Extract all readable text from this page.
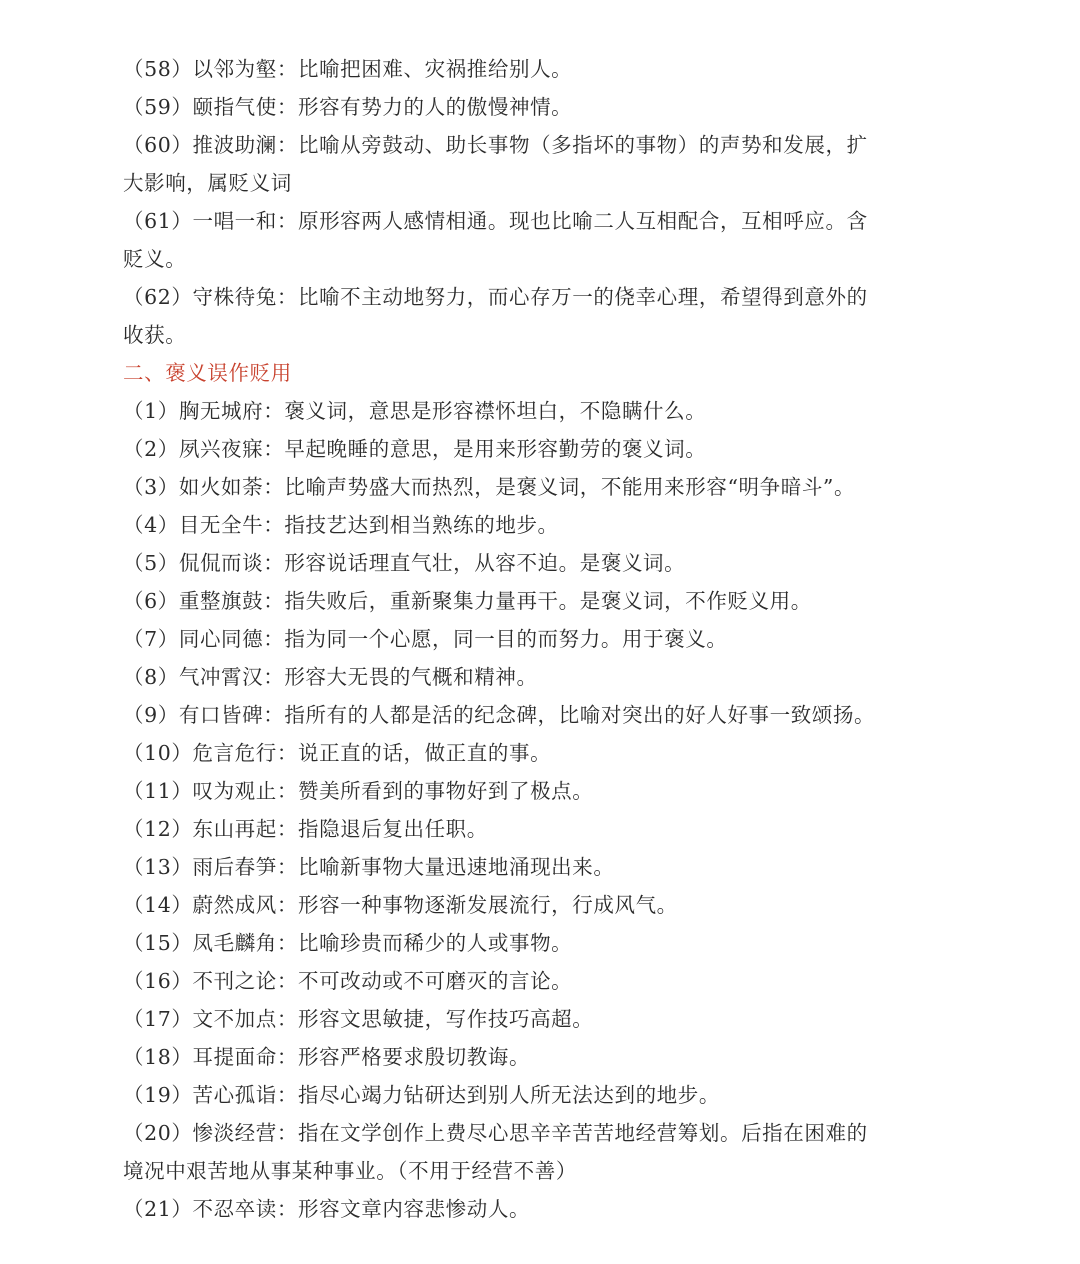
（58）以邻为壑：比喻把困难、灾祸推给别人。
（59）颐指气使：形容有势力的人的傲慢神情。
（60）推波助澜：比喻从旁鼓动、助长事物（多指坏的事物）的声势和发展，扩
大影响，属贬义词
（61）一唱一和：原形容两人感情相通。现也比喻二人互相配合，互相呼应。含
贬义。
（62）守株待兔：比喻不主动地努力，而心存万一的侥幸心理，希望得到意外的
收获。
二、褒义误作贬用
（1）胸无城府：褒义词，意思是形容襟怀坦白，不隐瞒什么。
（2）夙兴夜寐：早起晚睡的意思，是用来形容勤劳的褒义词。
（3）如火如荼：比喻声势盛大而热烈，是褒义词，不能用来形容“明争暗斗”。
（4）目无全牛：指技艺达到相当熟练的地步。
（5）侃侃而谈：形容说话理直气壮，从容不迫。是褒义词。
（6）重整旗鼓：指失败后，重新聚集力量再干。是褒义词，不作贬义用。
（7）同心同德：指为同一个心愿，同一目的而努力。用于褒义。
（8）气冲霄汉：形容大无畏的气概和精神。
（9）有口皆碑：指所有的人都是活的纪念碑，比喻对突出的好人好事一致颂扬。
（10）危言危行：说正直的话，做正直的事。
（11）叹为观止：赞美所看到的事物好到了极点。
（12）东山再起：指隐退后复出任职。
（13）雨后春笋：比喻新事物大量迅速地涌现出来。
（14）蔚然成风：形容一种事物逐渐发展流行，行成风气。
（15）凤毛麟角：比喻珍贵而稀少的人或事物。
（16）不刊之论：不可改动或不可磨灭的言论。
（17）文不加点：形容文思敏捷，写作技巧高超。
（18）耳提面命：形容严格要求殷切教诲。
（19）苦心孤诣：指尽心竭力钻研达到别人所无法达到的地步。
（20）惨淡经营：指在文学创作上费尽心思辛辛苦苦地经营筹划。后指在困难的
境况中艰苦地从事某种事业。（不用于经营不善）
（21）不忍卒读：形容文章内容悲惨动人。
